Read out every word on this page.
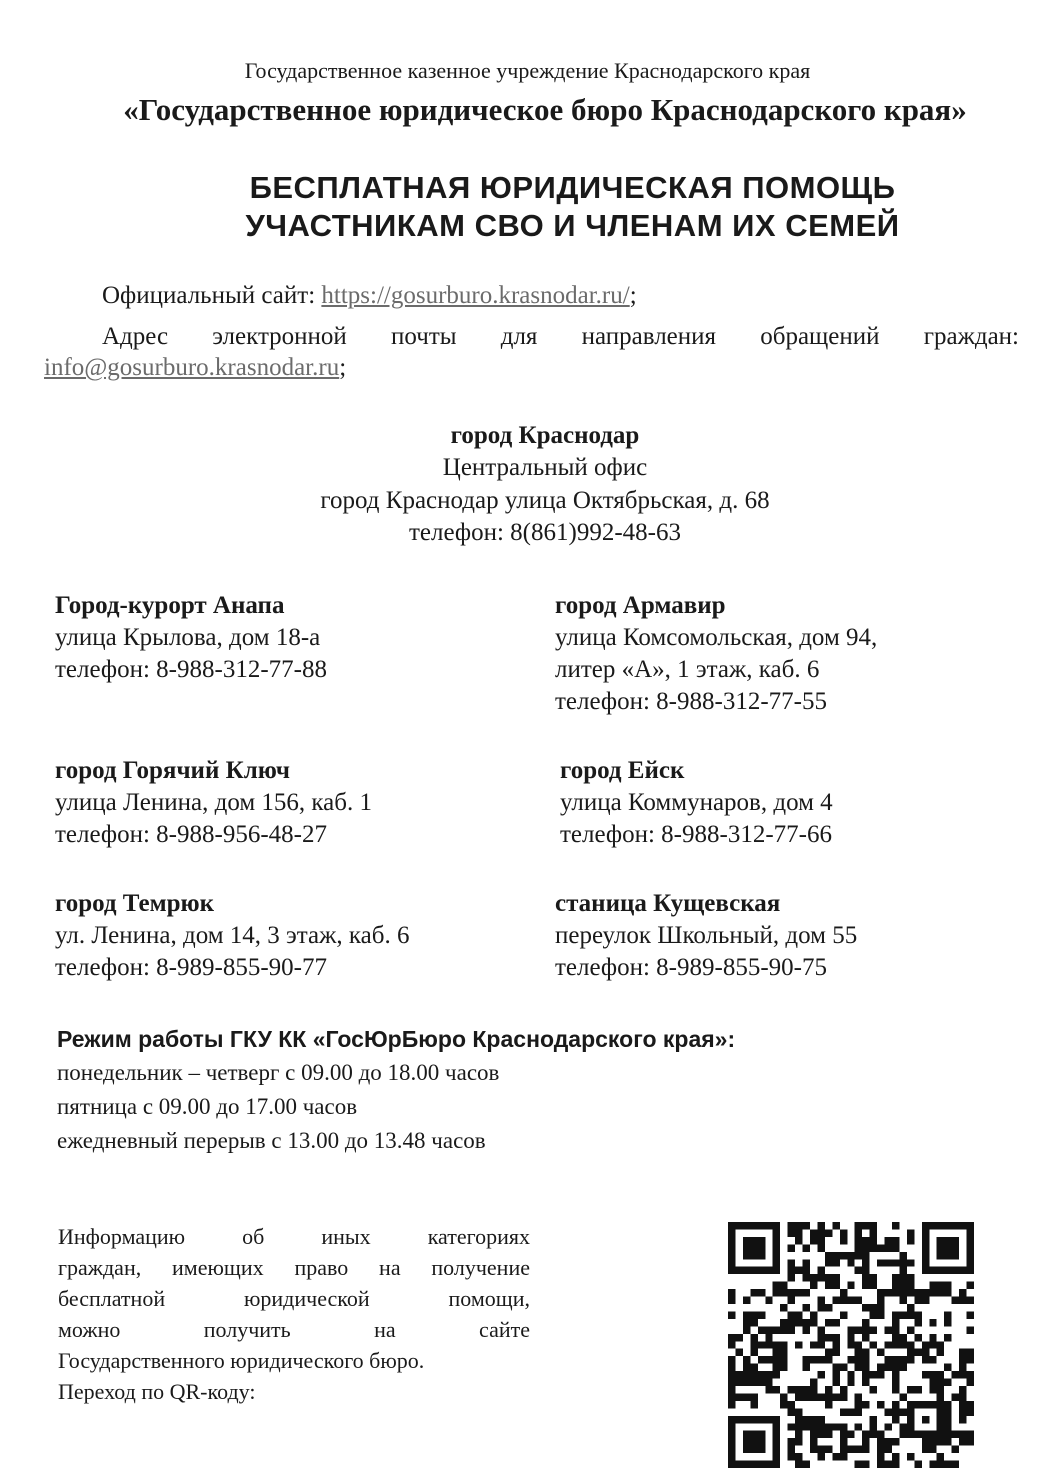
Государственное казенное учреждение Краснодарского края
«Государственное юридическое бюро Краснодарского края»
БЕСПЛАТНАЯ ЮРИДИЧЕСКАЯ ПОМОЩЬ
УЧАСТНИКАМ СВО И ЧЛЕНАМ ИХ СЕМЕЙ
Официальный сайт: https://gosurburo.krasnodar.ru/;
Адрес электронной почты для направления обращений граждан:
info@gosurburo.krasnodar.ru;
город Краснодар
Центральный офис
город Краснодар улица Октябрьская, д. 68
телефон: 8(861)992-48-63
Город-курорт Анапа
улица Крылова, дом 18-а
телефон: 8-988-312-77-88
город Армавир
улица Комсомольская, дом 94,
литер «А», 1 этаж, каб. 6
телефон: 8-988-312-77-55
город Горячий Ключ
улица Ленина, дом 156, каб. 1
телефон: 8-988-956-48-27
город Ейск
улица Коммунаров, дом 4
телефон: 8-988-312-77-66
город Темрюк
ул. Ленина, дом 14, 3 этаж, каб. 6
телефон: 8-989-855-90-77
станица Кущевская
переулок Школьный, дом 55
телефон: 8-989-855-90-75
Режим работы ГКУ КК «ГосЮрБюро Краснодарского края»:
понедельник – четверг с 09.00 до 18.00 часов
пятница с 09.00 до 17.00 часов
ежедневный перерыв с 13.00 до 13.48 часов
Информацию об иных категориях
граждан, имеющих право на получение
бесплатной юридической помощи,
можно получить на сайте
Государственного юридического бюро.
Переход по QR-коду:
